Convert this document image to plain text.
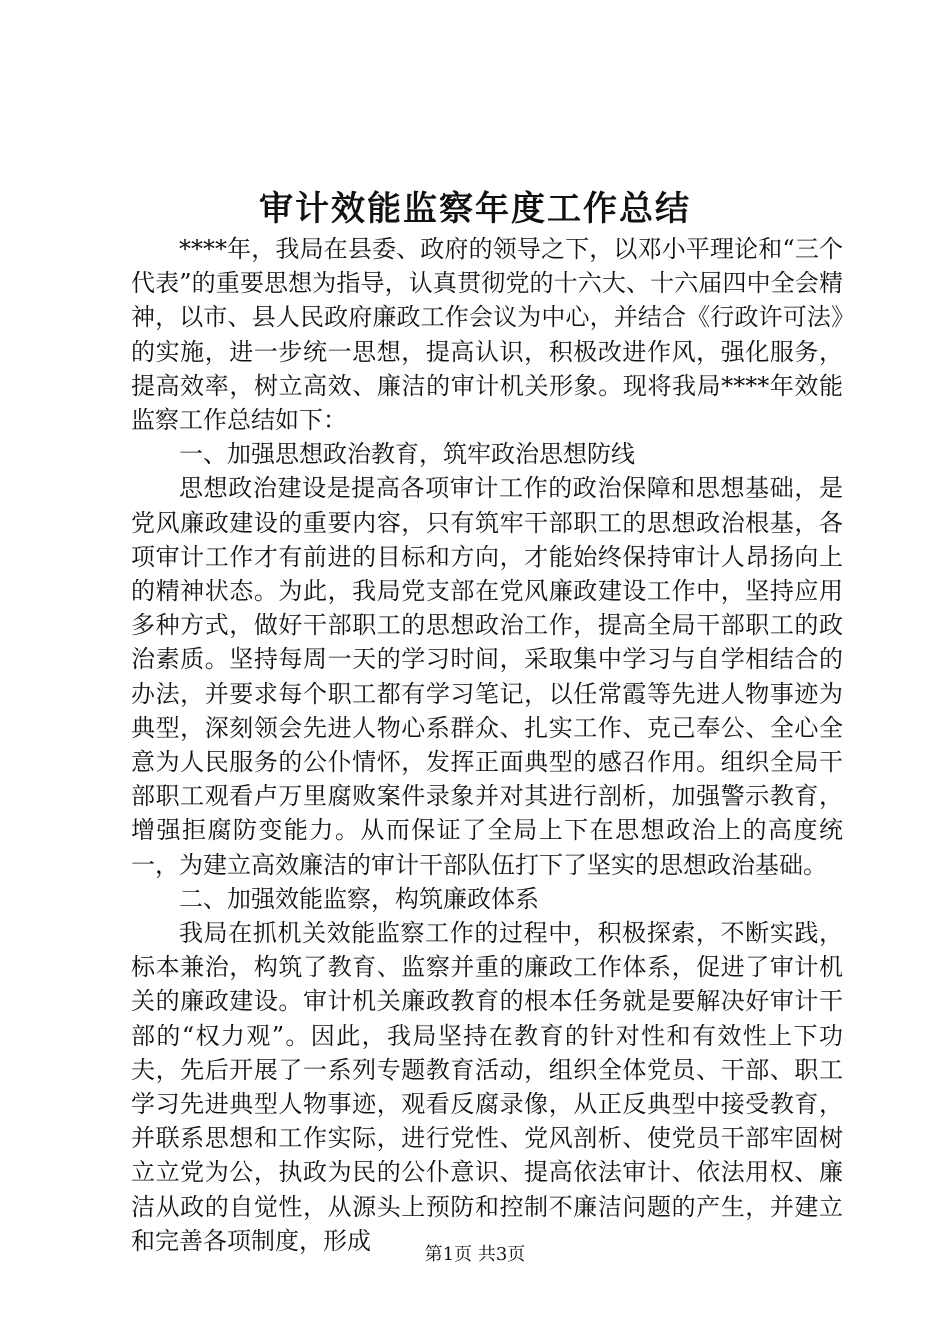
审计效能监察年度工作总结

****年，我局在县委、政府的领导之下，以邓小平理论和“三个代表”的重要思想为指导，认真贯彻党的十六大、十六届四中全会精神，以市、县人民政府廉政工作会议为中心，并结合《行政许可法》的实施，进一步统一思想，提高认识，积极改进作风，强化服务，提高效率，树立高效、廉洁的审计机关形象。现将我局****年效能监察工作总结如下：

一、加强思想政治教育，筑牢政治思想防线

思想政治建设是提高各项审计工作的政治保障和思想基础，是党风廉政建设的重要内容，只有筑牢干部职工的思想政治根基，各项审计工作才有前进的目标和方向，才能始终保持审计人昂扬向上的精神状态。为此，我局党支部在党风廉政建设工作中，坚持应用多种方式，做好干部职工的思想政治工作，提高全局干部职工的政治素质。坚持每周一天的学习时间，采取集中学习与自学相结合的办法，并要求每个职工都有学习笔记，以任常霞等先进人物事迹为典型，深刻领会先进人物心系群众、扎实工作、克己奉公、全心全意为人民服务的公仆情怀，发挥正面典型的感召作用。组织全局干部职工观看卢万里腐败案件录象并对其进行剖析，加强警示教育，增强拒腐防变能力。从而保证了全局上下在思想政治上的高度统一，为建立高效廉洁的审计干部队伍打下了坚实的思想政治基础。

二、加强效能监察，构筑廉政体系

我局在抓机关效能监察工作的过程中，积极探索，不断实践，标本兼治，构筑了教育、监察并重的廉政工作体系，促进了审计机关的廉政建设。审计机关廉政教育的根本任务就是要解决好审计干部的“权力观”。因此，我局坚持在教育的针对性和有效性上下功夫，先后开展了一系列专题教育活动，组织全体党员、干部、职工学习先进典型人物事迹，观看反腐录像，从正反典型中接受教育，并联系思想和工作实际，进行党性、党风剖析、使党员干部牢固树立立党为公，执政为民的公仆意识、提高依法审计、依法用权、廉洁从政的自觉性，从源头上预防和控制不廉洁问题的产生，并建立和完善各项制度，形成	第1页 共3页
